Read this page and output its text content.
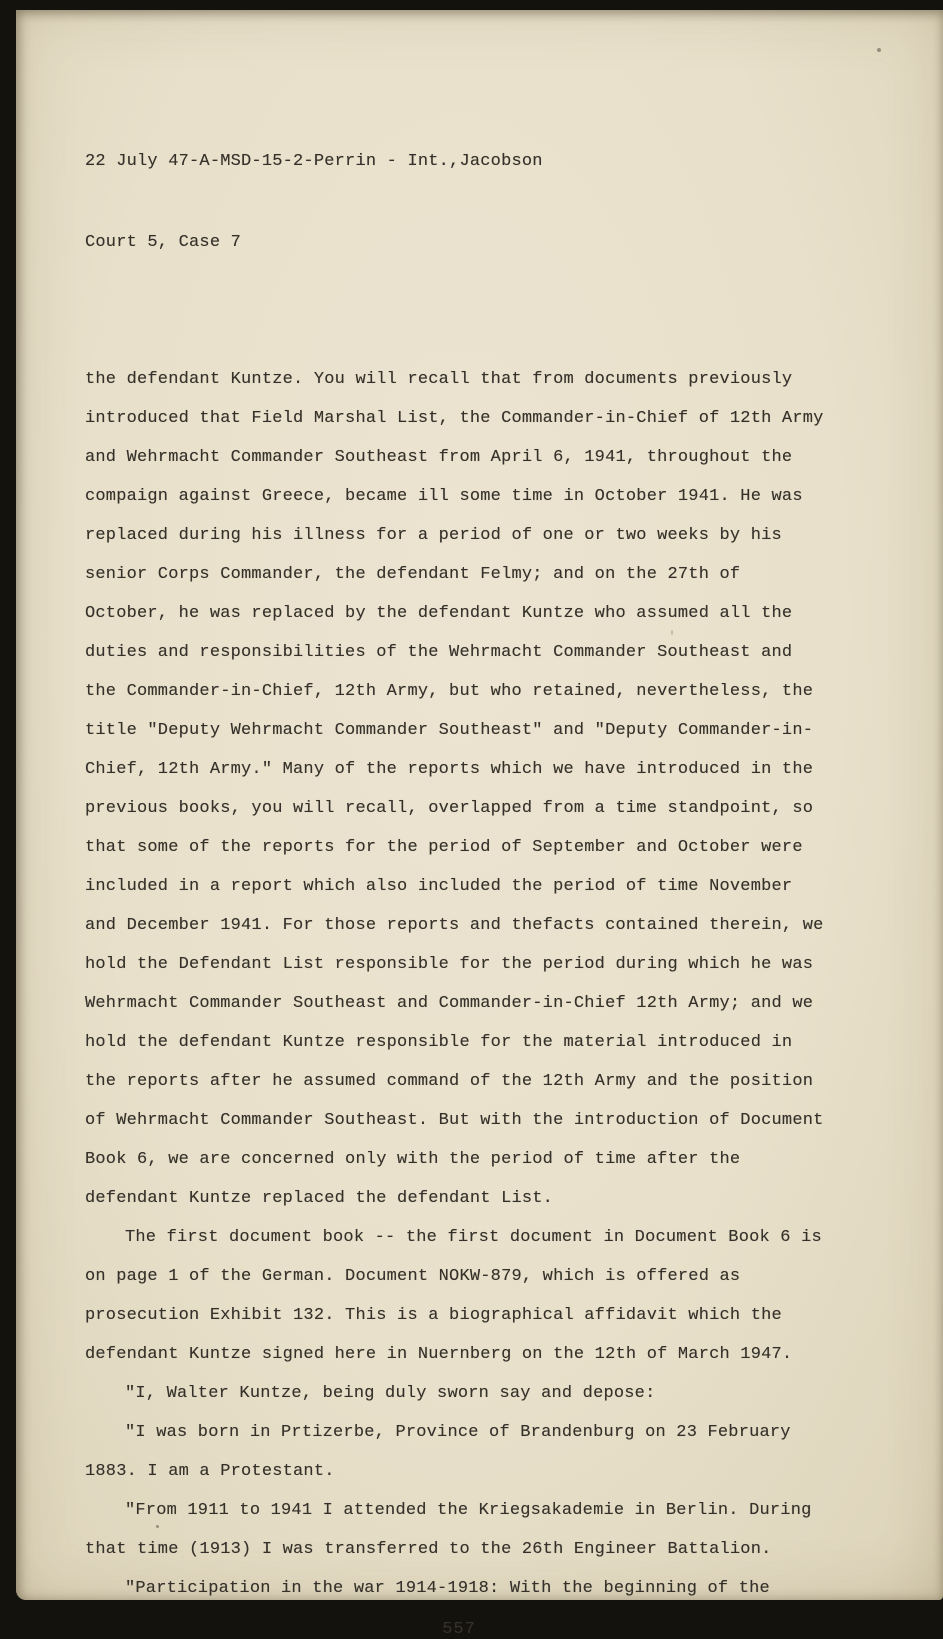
22 July 47-A-MSD-15-2-Perrin - Int.,Jacobson

Court 5, Case 7

the defendant Kuntze. You will recall that from documents previously introduced that Field Marshal List, the Commander-in-Chief of 12th Army and Wehrmacht Commander Southeast from April 6, 1941, throughout the compaign against Greece, became ill some time in October 1941. He was replaced during his illness for a period of one or two weeks by his senior Corps Commander, the defendant Felmy; and on the 27th of October, he was replaced by the defendant Kuntze who assumed all the duties and responsibilities of the Wehrmacht Commander Southeast and the Commander-in-Chief, 12th Army, but who retained, nevertheless, the title "Deputy Wehrmacht Commander Southeast" and "Deputy Commander-in-Chief, 12th Army." Many of the reports which we have introduced in the previous books, you will recall, overlapped from a time standpoint, so that some of the reports for the period of September and October were included in a report which also included the period of time November and December 1941. For those reports and thefacts contained therein, we hold the Defendant List responsible for the period during which he was Wehrmacht Commander Southeast and Commander-in-Chief 12th Army; and we hold the defendant Kuntze responsible for the material introduced in the reports after he assumed command of the 12th Army and the position of Wehrmacht Commander Southeast. But with the introduction of Document Book 6, we are concerned only with the period of time after the defendant Kuntze replaced the defendant List.

The first document book -- the first document in Document Book 6 is on page 1 of the German. Document NOKW-879, which is offered as prosecution Exhibit 132. This is a biographical affidavit which the defendant Kuntze signed here in Nuernberg on the 12th of March 1947.

"I, Walter Kuntze, being duly sworn say and depose:

"I was born in Prtizerbe, Province of Brandenburg on 23 February 1883. I am a Protestant.

"From 1911 to 1941 I attended the Kriegsakademie in Berlin. During that time (1913) I was transferred to the 26th Engineer Battalion.

"Participation in the war 1914-1918: With the beginning of the

557
